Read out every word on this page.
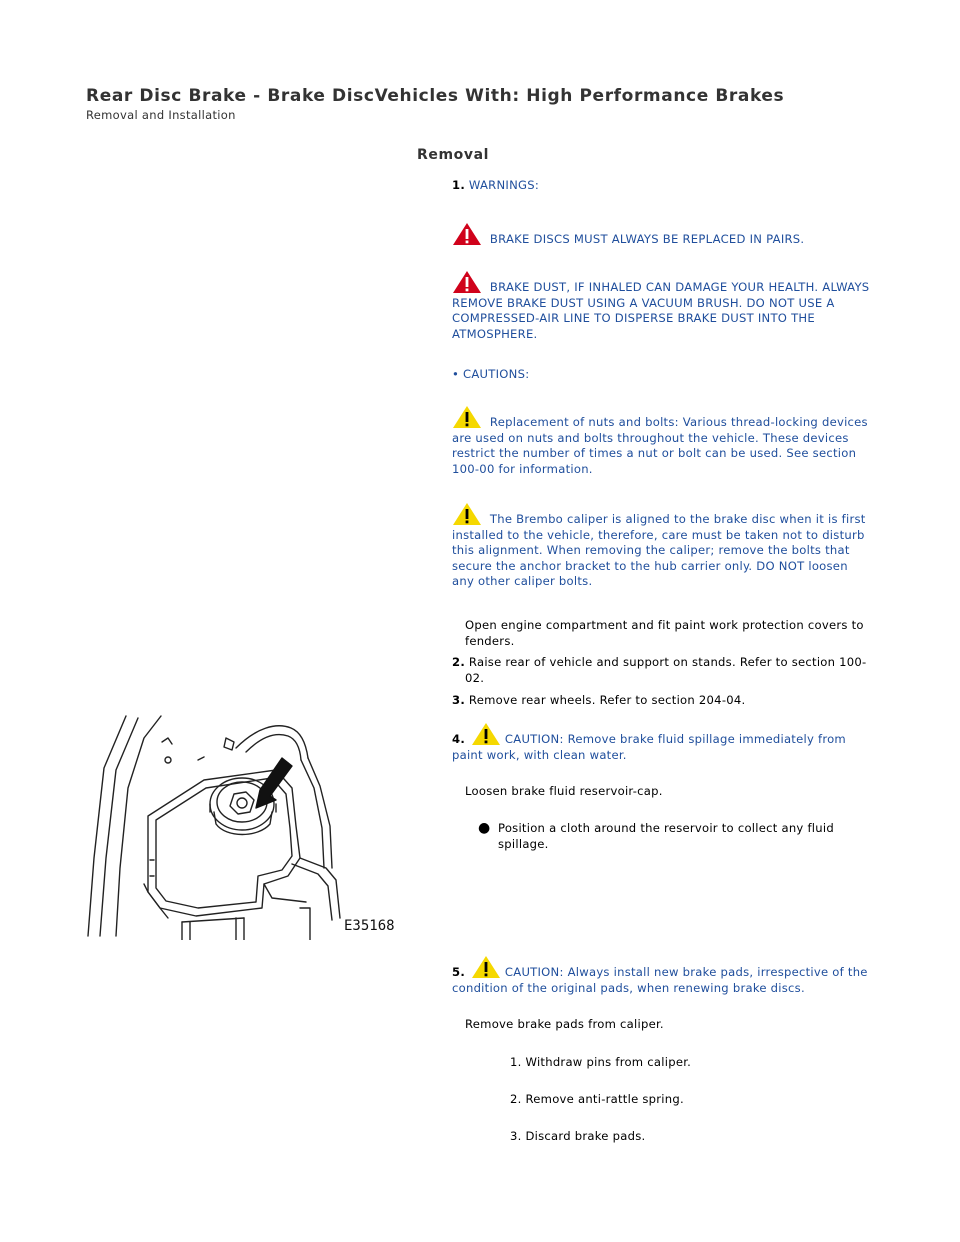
Rear Disc Brake - Brake DiscVehicles With: High Performance Brakes
Removal and Installation
Removal
1. WARNINGS:
BRAKE DISCS MUST ALWAYS BE REPLACED IN PAIRS.
BRAKE DUST, IF INHALED CAN DAMAGE YOUR HEALTH. ALWAYS REMOVE BRAKE DUST USING A VACUUM BRUSH. DO NOT USE A COMPRESSED-AIR LINE TO DISPERSE BRAKE DUST INTO THE ATMOSPHERE.
• CAUTIONS:
Replacement of nuts and bolts: Various thread-locking devices are used on nuts and bolts throughout the vehicle. These devices restrict the number of times a nut or bolt can be used. See section 100-00 for information.
The Brembo caliper is aligned to the brake disc when it is first installed to the vehicle, therefore, care must be taken not to disturb this alignment. When removing the caliper; remove the bolts that secure the anchor bracket to the hub carrier only. DO NOT loosen any other caliper bolts.
Open engine compartment and fit paint work protection covers to fenders.
2. Raise rear of vehicle and support on stands. Refer to section 100-02.
3. Remove rear wheels. Refer to section 204-04.
4.	CAUTION: Remove brake fluid spillage immediately from paint work, with clean water.
Loosen brake fluid reservoir-cap.
● Position a cloth around the reservoir to collect any fluid spillage.
5.	CAUTION: Always install new brake pads, irrespective of the condition of the original pads, when renewing brake discs.
Remove brake pads from caliper.
1. Withdraw pins from caliper.
2. Remove anti-rattle spring.
3. Discard brake pads.
E35168
